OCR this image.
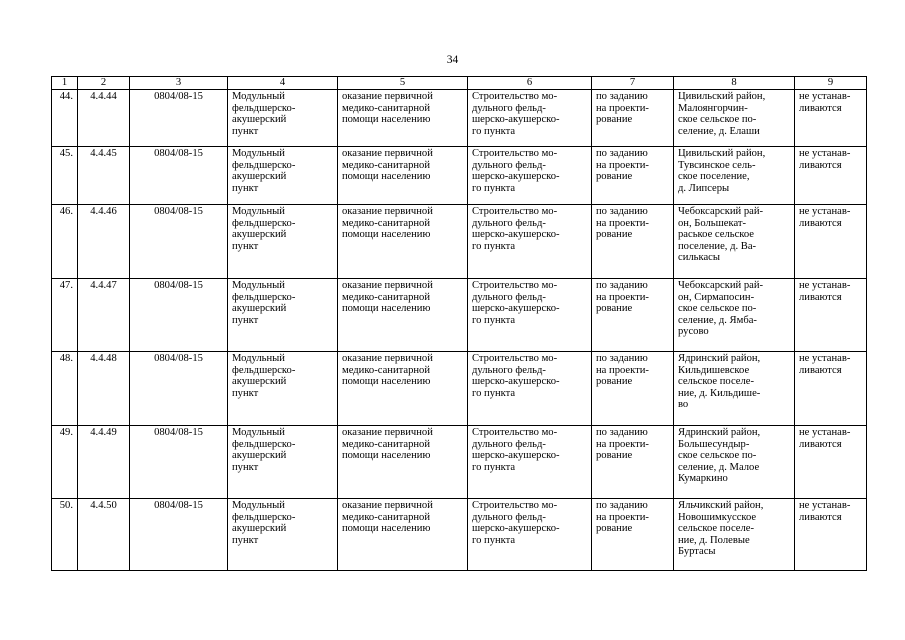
34
1	2	3	4	5	6	7	8	9
44.	4.4.44	0804/08-15	Модульный
фельдшерско-
акушерский
пункт	оказание первичной
медико-санитарной
помощи населению	Строительство мо-
дульного фельд-
шерско-акушерско-
го пункта	по заданию
на проекти-
рование	Цивильский район,
Малоянгорчин-
ское сельское по-
селение, д. Елаши	не устанав-
ливаются

45.	4.4.45	0804/08-15	Модульный
фельдшерско-
акушерский
пункт	оказание первичной
медико-санитарной
помощи населению	Строительство мо-
дульного фельд-
шерско-акушерско-
го пункта	по заданию
на проекти-
рование	Цивильский район,
Тувсинское сель-
ское поселение,
д. Липсеры	не устанав-
ливаются

46.	4.4.46	0804/08-15	Модульный
фельдшерско-
акушерский
пункт	оказание первичной
медико-санитарной
помощи населению	Строительство мо-
дульного фельд-
шерско-акушерско-
го пункта	по заданию
на проекти-
рование	Чебоксарский рай-
он, Большекат-
раськое сельское
поселение, д. Ва-
силькасы	не устанав-
ливаются

47.	4.4.47	0804/08-15	Модульный
фельдшерско-
акушерский
пункт	оказание первичной
медико-санитарной
помощи населению	Строительство мо-
дульного фельд-
шерско-акушерско-
го пункта	по заданию
на проекти-
рование	Чебоксарский рай-
он, Сирмапосин-
ское сельское по-
селение, д. Ямба-
русово	не устанав-
ливаются

48.	4.4.48	0804/08-15	Модульный
фельдшерско-
акушерский
пункт	оказание первичной
медико-санитарной
помощи населению	Строительство мо-
дульного фельд-
шерско-акушерско-
го пункта	по заданию
на проекти-
рование	Ядринский район,
Кильдишевское
сельское поселе-
ние, д. Кильдише-
во	не устанав-
ливаются

49.	4.4.49	0804/08-15	Модульный
фельдшерско-
акушерский
пункт	оказание первичной
медико-санитарной
помощи населению	Строительство мо-
дульного фельд-
шерско-акушерско-
го пункта	по заданию
на проекти-
рование	Ядринский район,
Большесундыр-
ское сельское по-
селение, д. Малое
Кумаркино	не устанав-
ливаются

50.	4.4.50	0804/08-15	Модульный
фельдшерско-
акушерский
пункт	оказание первичной
медико-санитарной
помощи населению	Строительство мо-
дульного фельд-
шерско-акушерско-
го пункта	по заданию
на проекти-
рование	Яльчикский район,
Новошимкусское
сельское поселе-
ние, д. Полевые
Буртасы	не устанав-
ливаются
